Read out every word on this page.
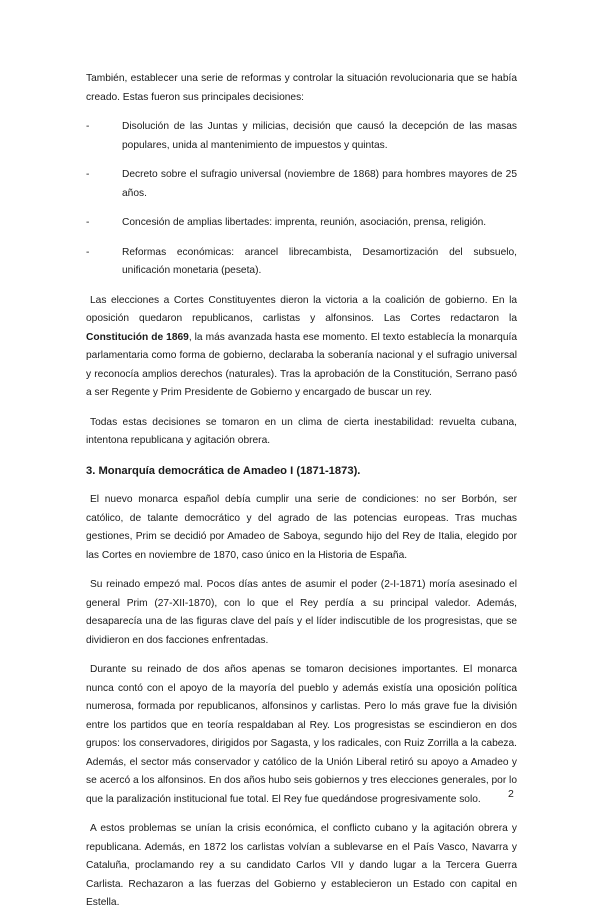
También, establecer una serie de reformas y controlar la situación revolucionaria que se había creado. Estas fueron sus principales decisiones:

-	Disolución de las Juntas y milicias, decisión que causó la decepción de las masas populares, unida al mantenimiento de impuestos y quintas.
-	Decreto sobre el sufragio universal (noviembre de 1868) para hombres mayores de 25 años.
-	Concesión de amplias libertades: imprenta, reunión, asociación, prensa, religión.
-	Reformas económicas: arancel librecambista, Desamortización del subsuelo, unificación monetaria (peseta).

Las elecciones a Cortes Constituyentes dieron la victoria a la coalición de gobierno. En la oposición quedaron republicanos, carlistas y alfonsinos. Las Cortes redactaron la Constitución de 1869, la más avanzada hasta ese momento. El texto establecía la monarquía parlamentaria como forma de gobierno, declaraba la soberanía nacional y el sufragio universal y reconocía amplios derechos (naturales). Tras la aprobación de la Constitución, Serrano pasó a ser Regente y Prim Presidente de Gobierno y encargado de buscar un rey.

Todas estas decisiones se tomaron en un clima de cierta inestabilidad: revuelta cubana, intentona republicana y agitación obrera.

3. Monarquía democrática de Amadeo I (1871-1873).

El nuevo monarca español debía cumplir una serie de condiciones: no ser Borbón, ser católico, de talante democrático y del agrado de las potencias europeas. Tras muchas gestiones, Prim se decidió por Amadeo de Saboya, segundo hijo del Rey de Italia, elegido por las Cortes en noviembre de 1870, caso único en la Historia de España.

Su reinado empezó mal. Pocos días antes de asumir el poder (2-I-1871) moría asesinado el general Prim (27-XII-1870), con lo que el Rey perdía a su principal valedor. Además, desaparecía una de las figuras clave del país y el líder indiscutible de los progresistas, que se dividieron en dos facciones enfrentadas.

Durante su reinado de dos años apenas se tomaron decisiones importantes. El monarca nunca contó con el apoyo de la mayoría del pueblo y además existía una oposición política numerosa, formada por republicanos, alfonsinos y carlistas. Pero lo más grave fue la división entre los partidos que en teoría respaldaban al Rey. Los progresistas se escindieron en dos grupos: los conservadores, dirigidos por Sagasta, y los radicales, con Ruiz Zorrilla a la cabeza. Además, el sector más conservador y católico de la Unión Liberal retiró su apoyo a Amadeo y se acercó a los alfonsinos. En dos años hubo seis gobiernos y tres elecciones generales, por lo que la paralización institucional fue total. El Rey fue quedándose progresivamente solo.

A estos problemas se unían la crisis económica, el conflicto cubano y la agitación obrera y republicana. Además, en 1872 los carlistas volvían a sublevarse en el País Vasco, Navarra y Cataluña, proclamando rey a su candidato Carlos VII y dando lugar a la Tercera Guerra Carlista. Rechazaron a las fuerzas del Gobierno y establecieron un Estado con capital en Estella.

2
